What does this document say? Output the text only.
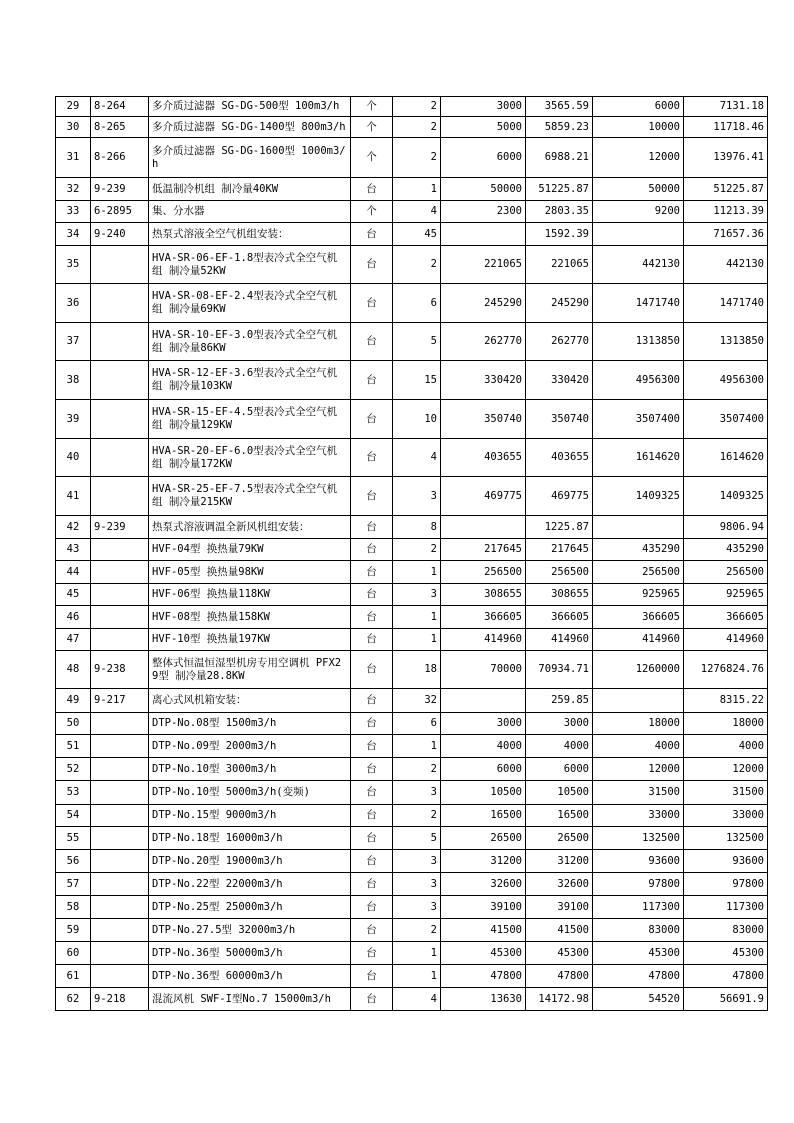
29	8-264	多介质过滤器 SG-DG-500型 100m3/h	个	2	3000	3565.59	6000	7131.18
30	8-265	多介质过滤器 SG-DG-1400型 800m3/h	个	2	5000	5859.23	10000	11718.46
31	8-266	多介质过滤器 SG-DG-1600型 1000m3/h	个	2	6000	6988.21	12000	13976.41
32	9-239	低温制冷机组 制冷量40KW	台	1	50000	51225.87	50000	51225.87
33	6-2895	集、分水器	个	4	2300	2803.35	9200	11213.39
34	9-240	热泵式溶液全空气机组安装：	台	45		1592.39		71657.36
35		HVA-SR-06-EF-1.8型表冷式全空气机组 制冷量52KW	台	2	221065	221065	442130	442130
36		HVA-SR-08-EF-2.4型表冷式全空气机组 制冷量69KW	台	6	245290	245290	1471740	1471740
37		HVA-SR-10-EF-3.0型表冷式全空气机组 制冷量86KW	台	5	262770	262770	1313850	1313850
38		HVA-SR-12-EF-3.6型表冷式全空气机组 制冷量103KW	台	15	330420	330420	4956300	4956300
39		HVA-SR-15-EF-4.5型表冷式全空气机组 制冷量129KW	台	10	350740	350740	3507400	3507400
40		HVA-SR-20-EF-6.0型表冷式全空气机组 制冷量172KW	台	4	403655	403655	1614620	1614620
41		HVA-SR-25-EF-7.5型表冷式全空气机组 制冷量215KW	台	3	469775	469775	1409325	1409325
42	9-239	热泵式溶液调温全新风机组安装：	台	8		1225.87		9806.94
43		HVF-04型 换热量79KW	台	2	217645	217645	435290	435290
44		HVF-05型 换热量98KW	台	1	256500	256500	256500	256500
45		HVF-06型 换热量118KW	台	3	308655	308655	925965	925965
46		HVF-08型 换热量158KW	台	1	366605	366605	366605	366605
47		HVF-10型 换热量197KW	台	1	414960	414960	414960	414960
48	9-238	整体式恒温恒湿型机房专用空调机 PFX29型 制冷量28.8KW	台	18	70000	70934.71	1260000	1276824.76
49	9-217	离心式风机箱安装：	台	32		259.85		8315.22
50		DTP-No.08型 1500m3/h	台	6	3000	3000	18000	18000
51		DTP-No.09型 2000m3/h	台	1	4000	4000	4000	4000
52		DTP-No.10型 3000m3/h	台	2	6000	6000	12000	12000
53		DTP-No.10型 5000m3/h(变频)	台	3	10500	10500	31500	31500
54		DTP-No.15型 9000m3/h	台	2	16500	16500	33000	33000
55		DTP-No.18型 16000m3/h	台	5	26500	26500	132500	132500
56		DTP-No.20型 19000m3/h	台	3	31200	31200	93600	93600
57		DTP-No.22型 22000m3/h	台	3	32600	32600	97800	97800
58		DTP-No.25型 25000m3/h	台	3	39100	39100	117300	117300
59		DTP-No.27.5型 32000m3/h	台	2	41500	41500	83000	83000
60		DTP-No.36型 50000m3/h	台	1	45300	45300	45300	45300
61		DTP-No.36型 60000m3/h	台	1	47800	47800	47800	47800
62	9-218	混流风机 SWF-I型No.7 15000m3/h	台	4	13630	14172.98	54520	56691.9
